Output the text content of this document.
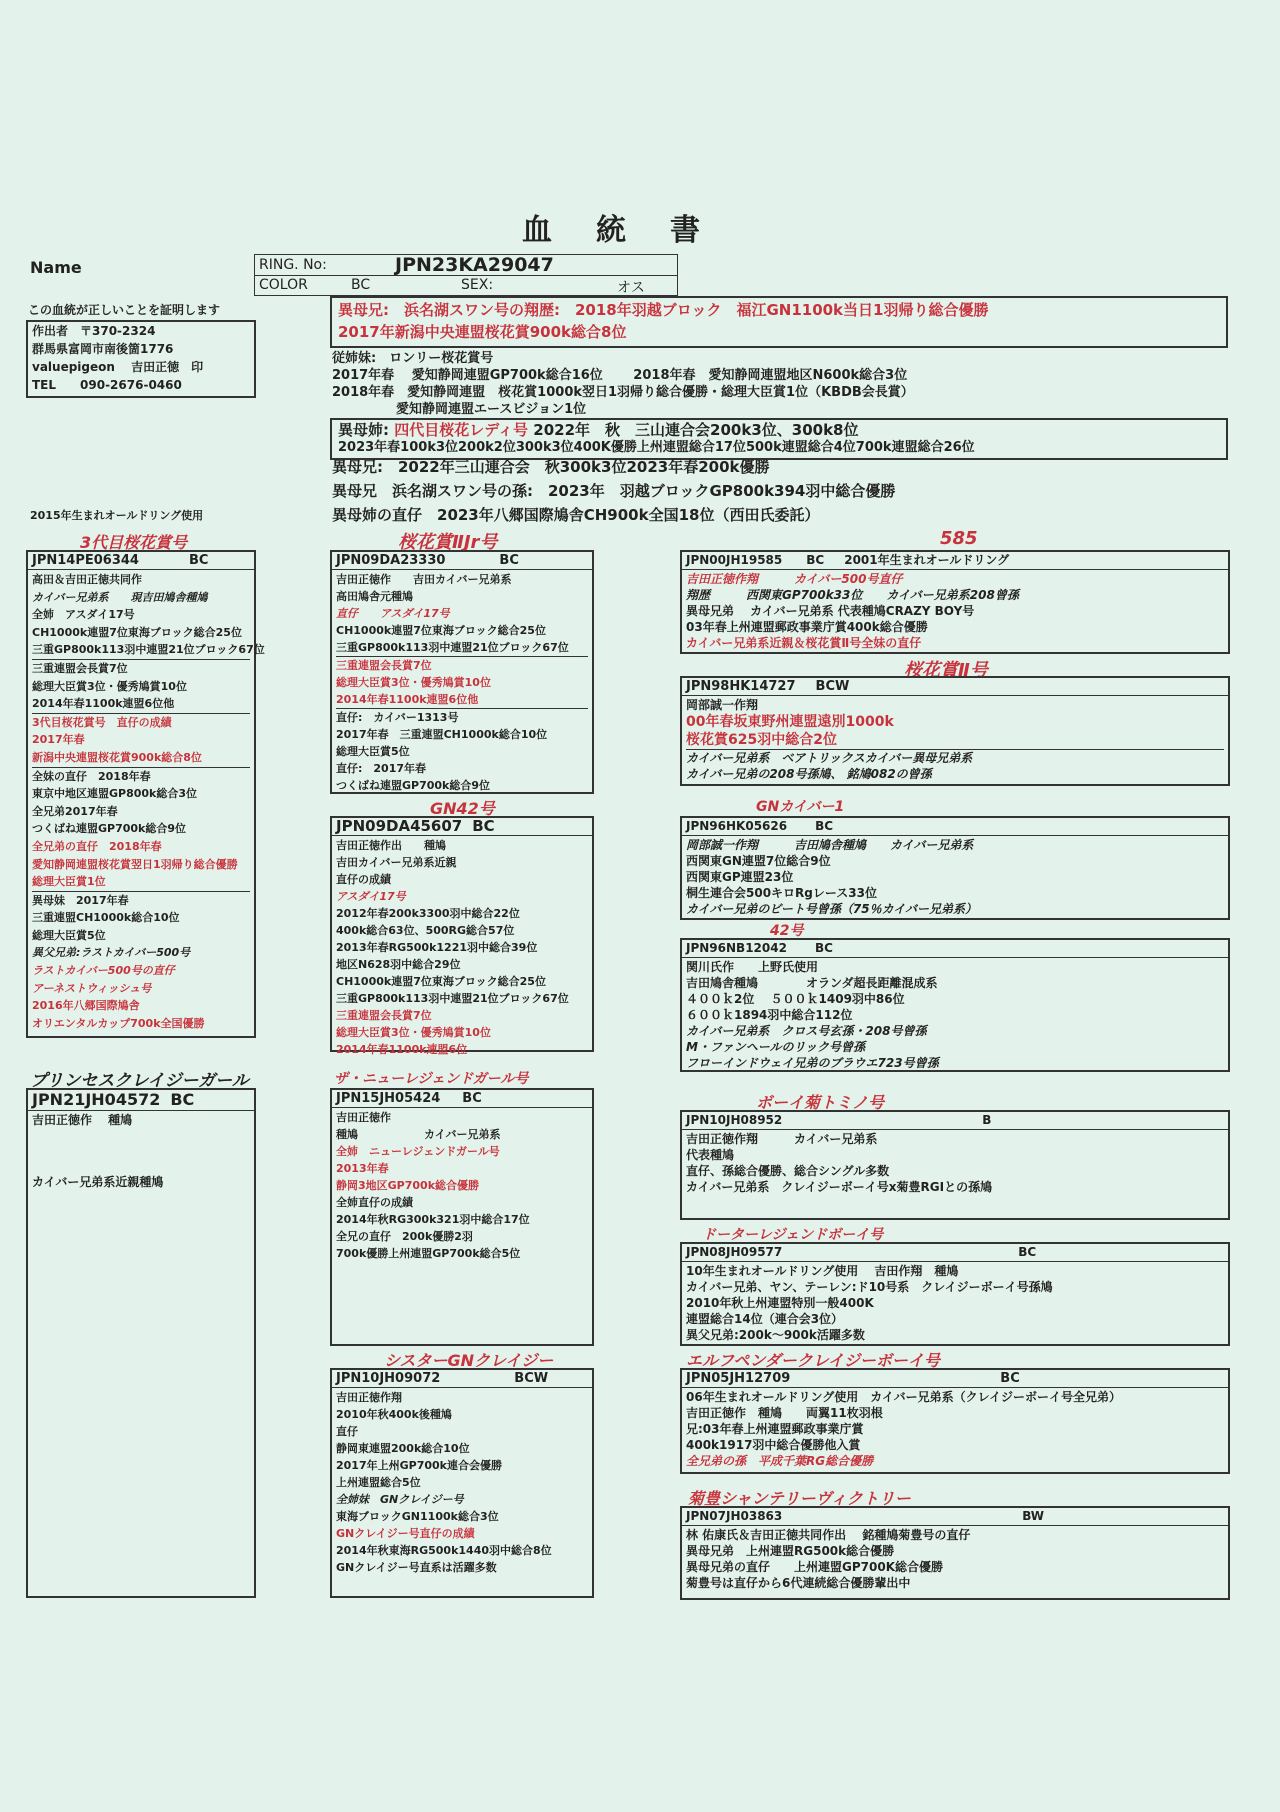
血統書
Name	RING. No:	JPN23KA29047
COLOR	BC	SEX:	オス
この血統が正しいことを証明します
作出者　〒370-2324
群馬県富岡市南後箇1776
valuepigeon　 吉田正徳　印
TEL　　090-2676-0460
異母兄:　浜名湖スワン号の翔歴:　2018年羽越ブロック　福江GN1100k当日1羽帰り総合優勝
2017年新潟中央連盟桜花賞900k総合8位
従姉妹:　ロンリー桜花賞号
2017年春　 愛知静岡連盟GP700k総合16位　　 2018年春　愛知静岡連盟地区N600k総合3位
2018年春　愛知静岡連盟　桜花賞1000k翌日1羽帰り総合優勝・総理大臣賞1位（KBDB会長賞）
愛知静岡連盟エースビジョン1位
異母姉: 四代目桜花レディ号 2022年　秋　三山連合会200k3位、300k8位
2023年春100k3位200k2位300k3位400K優勝上州連盟総合17位500k連盟総合4位700k連盟総合26位
異母兄:　2022年三山連合会　秋300k3位2023年春200k優勝
異母兄　浜名湖スワン号の孫:　2023年　羽越ブロックGP800k394羽中総合優勝
異母姉の直仔　2023年八郷国際鳩舎CH900k全国18位（西田氏委託）
2015年生まれオールドリング使用
3代目桜花賞号
JPN14PE06344	BC
高田＆吉田正徳共同作
カイバー兄弟系　　現吉田鳩舎種鳩
全姉　アスダイ17号
CH1000k連盟7位東海ブロック総合25位
三重GP800k113羽中連盟21位ブロック67位
三重連盟会長賞7位
総理大臣賞3位・優秀鳩賞10位
2014年春1100k連盟6位他
3代目桜花賞号　直仔の成績
2017年春
新潟中央連盟桜花賞900k総合8位
全妹の直仔　2018年春
東京中地区連盟GP800k総合3位
全兄弟2017年春
つくばね連盟GP700k総合9位
全兄弟の直仔　2018年春
愛知静岡連盟桜花賞翌日1羽帰り総合優勝
総理大臣賞1位
異母妹　2017年春
三重連盟CH1000k総合10位
総理大臣賞5位
異父兄弟:ラストカイバー500号
ラストカイバー500号の直仔
アーネストウィッシュ号
2016年八郷国際鳩舎
オリエンタルカップ700k全国優勝
プリンセスクレイジーガール
JPN21JH04572 BC
吉田正徳作　 種鳩
カイバー兄弟系近親種鳩
桜花賞ⅡJr号
JPN09DA23330	BC
吉田正徳作　　吉田カイバー兄弟系
高田鳩舎元種鳩
直仔　　アスダイ17号
CH1000k連盟7位東海ブロック総合25位
三重GP800k113羽中連盟21位ブロック67位
三重連盟会長賞7位
総理大臣賞3位・優秀鳩賞10位
2014年春1100k連盟6位他
直仔:　カイバー1313号
2017年春　三重連盟CH1000k総合10位
総理大臣賞5位
直仔:　2017年春
つくばね連盟GP700k総合9位
GN42号
JPN09DA45607 BC
吉田正徳作出　　種鳩
吉田カイバー兄弟系近親
直仔の成績
アスダイ17号
2012年春200k3300羽中総合22位
400k総合63位、500RG総合57位
2013年春RG500k1221羽中総合39位
地区N628羽中総合29位
CH1000k連盟7位東海ブロック総合25位
三重GP800k113羽中連盟21位ブロック67位
三重連盟会長賞7位
総理大臣賞3位・優秀鳩賞10位
2014年春1100k連盟6位
ザ・ニューレジェンドガール号
JPN15JH05424 BC
吉田正徳作
種鳩　　　　　　カイバー兄弟系
全姉　ニューレジェンドガール号
2013年春
静岡3地区GP700k総合優勝
全姉直仔の成績
2014年秋RG300k321羽中総合17位
全兄の直仔　200k優勝2羽
700k優勝上州連盟GP700k総合5位
シスターGNクレイジー
JPN10JH09072	BCW
吉田正徳作翔
2010年秋400k後種鳩
直仔
静岡東連盟200k総合10位
2017年上州GP700k連合会優勝
上州連盟総合5位
全姉妹　GNクレイジー号
東海ブロックGN1100k総合3位
GNクレイジー号直仔の成績
2014年秋東海RG500k1440羽中総合8位
GNクレイジー号直系は活躍多数
585
JPN00JH19585 BC 2001年生まれオールドリング
吉田正徳作翔　　　カイバー500号直仔
翔歴　　　西関東GP700k33位　　カイバー兄弟系208曾孫
異母兄弟　 カイバー兄弟系 代表種鳩CRAZY BOY号
03年春上州連盟郵政事業庁賞400k総合優勝
カイバー兄弟系近親＆桜花賞Ⅱ号全妹の直仔
桜花賞Ⅱ号
JPN98HK14727 BCW
岡部誠一作翔
00年春坂東野州連盟遠別1000k
桜花賞625羽中総合2位
カイバー兄弟系　ベアトリックスカイバー異母兄弟系
カイバー兄弟の208号孫鳩、 銘鳩082の曾孫
GNカイバー1
JPN96HK05626 BC
岡部誠一作翔　　　吉田鳩舎種鳩　　カイバー兄弟系
西関東GN連盟7位総合9位
西関東GP連盟23位
桐生連合会500キロRgレース33位
カイバー兄弟のビート号曾孫（75％カイバー兄弟系）
42号
JPN96NB12042 BC
関川氏作　　上野氏使用
吉田鳩舎種鳩　　　　オランダ超長距離混成系
４００ｋ2位　 ５００ｋ1409羽中86位
６００ｋ1894羽中総合112位
カイバー兄弟系　クロス号玄孫・208号曾孫
M・ファンヘールのリック号曾孫
フローインドウェイ兄弟のブラウエ723号曾孫
ボーイ菊トミノ号
JPN10JH08952	B
吉田正徳作翔　　　カイバー兄弟系
代表種鳩
直仔、孫総合優勝、総合シングル多数
カイバー兄弟系　クレイジーボーイ号x菊豊RGⅠとの孫鳩
ドーターレジェンドボーイ号
JPN08JH09577	BC
10年生まれオールドリング使用　 吉田作翔　種鳩
カイバー兄弟、ヤン、テーレン:ド10号系　クレイジーボーイ号孫鳩
2010年秋上州連盟特別一般400K
連盟総合14位（連合会3位）
異父兄弟:200k〜900k活躍多数
エルフペンダークレイジーボーイ号
JPN05JH12709	BC
06年生まれオールドリング使用　カイバー兄弟系（クレイジーボーイ号全兄弟）
吉田正徳作　種鳩　　両翼11枚羽根
兄:03年春上州連盟郵政事業庁賞
400k1917羽中総合優勝他入賞
全兄弟の孫　平成千葉RG総合優勝
菊豊シャンテリーヴィクトリー
JPN07JH03863	BW
林 佑康氏＆吉田正徳共同作出　 銘種鳩菊豊号の直仔
異母兄弟　上州連盟RG500k総合優勝
異母兄弟の直仔　　上州連盟GP700K総合優勝
菊豊号は直仔から6代連続総合優勝輩出中
